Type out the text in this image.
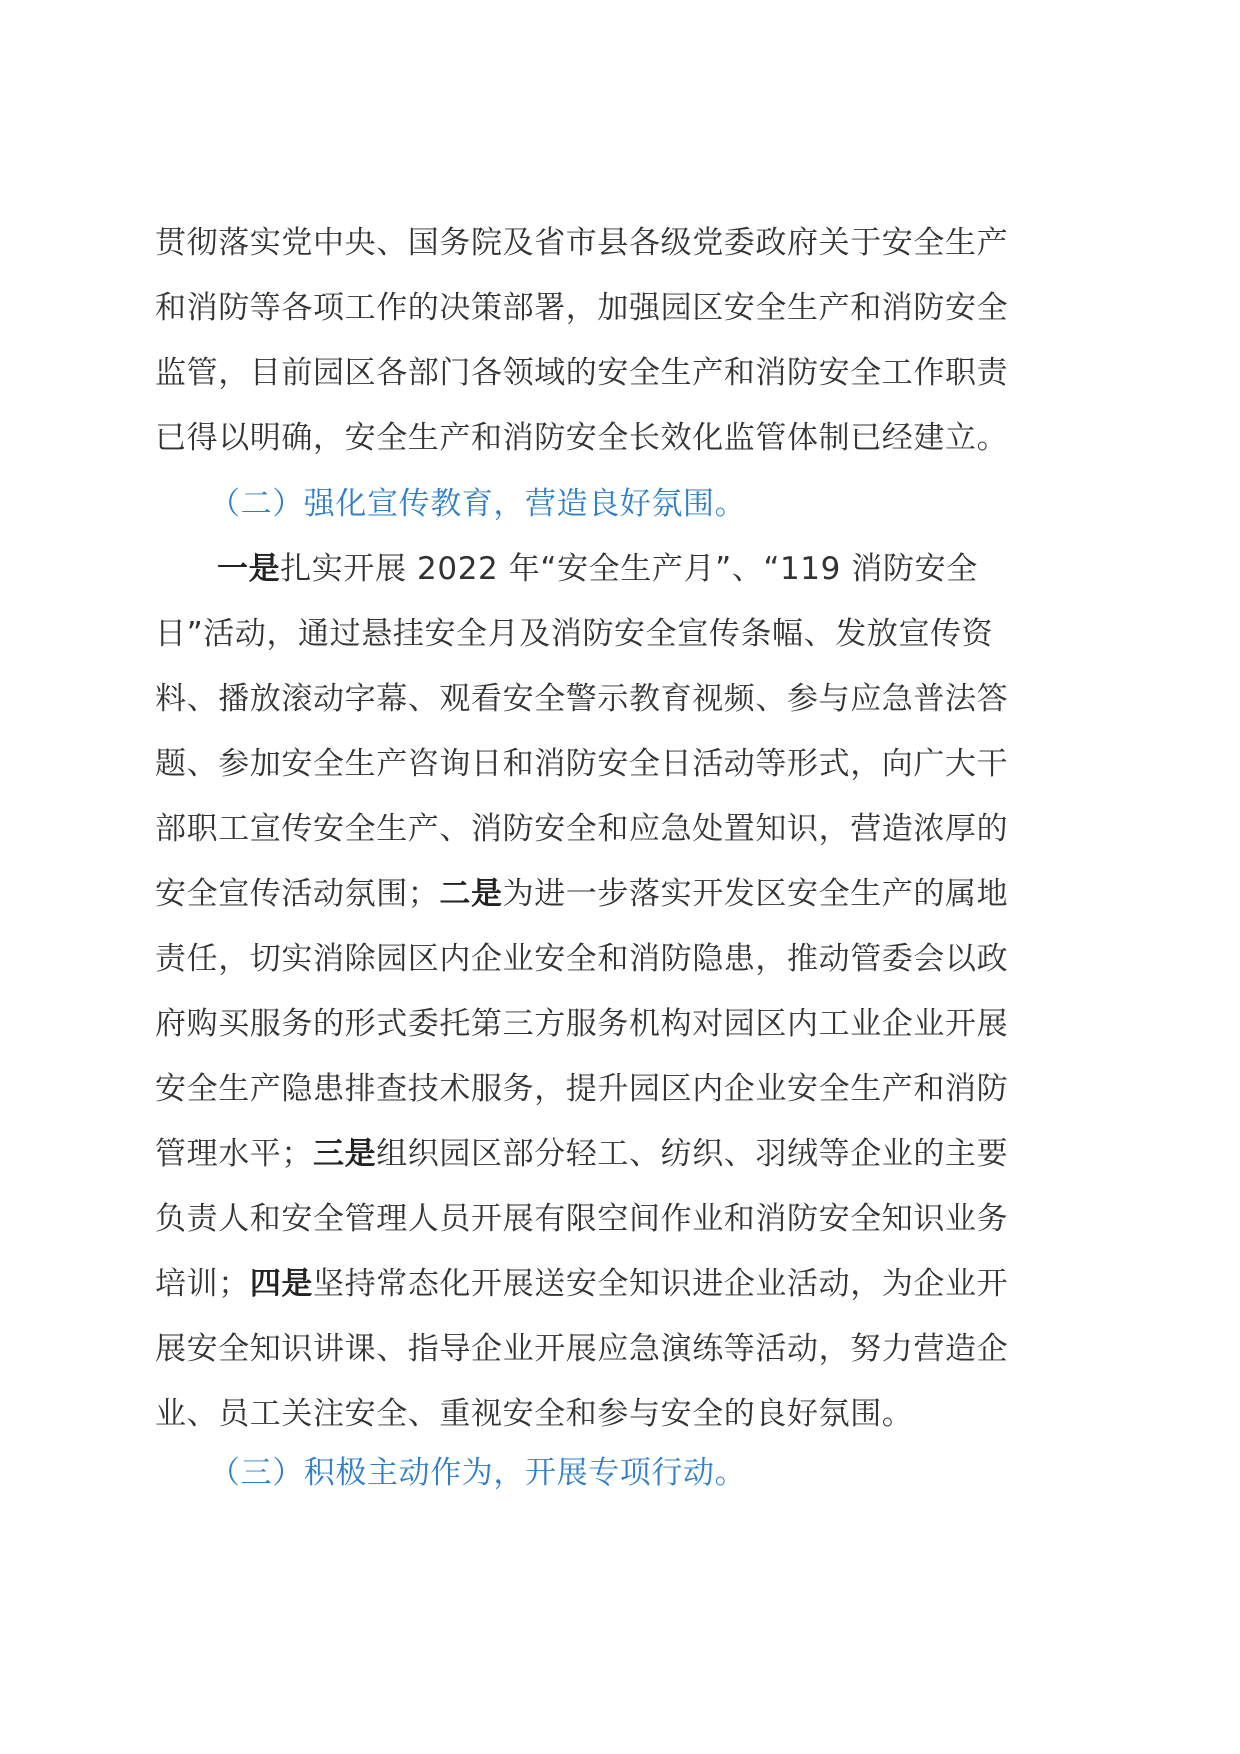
贯彻落实党中央、国务院及省市县各级党委政府关于安全生产
和消防等各项工作的决策部署，加强园区安全生产和消防安全
监管，目前园区各部门各领域的安全生产和消防安全工作职责
已得以明确，安全生产和消防安全长效化监管体制已经建立。
（二）强化宣传教育，营造良好氛围。
一是扎实开展 2022 年“安全生产月”、“119 消防安全
日”活动，通过悬挂安全月及消防安全宣传条幅、发放宣传资
料、播放滚动字幕、观看安全警示教育视频、参与应急普法答
题、参加安全生产咨询日和消防安全日活动等形式，向广大干
部职工宣传安全生产、消防安全和应急处置知识，营造浓厚的
安全宣传活动氛围；二是为进一步落实开发区安全生产的属地
责任，切实消除园区内企业安全和消防隐患，推动管委会以政
府购买服务的形式委托第三方服务机构对园区内工业企业开展
安全生产隐患排查技术服务，提升园区内企业安全生产和消防
管理水平；三是组织园区部分轻工、纺织、羽绒等企业的主要
负责人和安全管理人员开展有限空间作业和消防安全知识业务
培训；四是坚持常态化开展送安全知识进企业活动，为企业开
展安全知识讲课、指导企业开展应急演练等活动，努力营造企
业、员工关注安全、重视安全和参与安全的良好氛围。
（三）积极主动作为，开展专项行动。
